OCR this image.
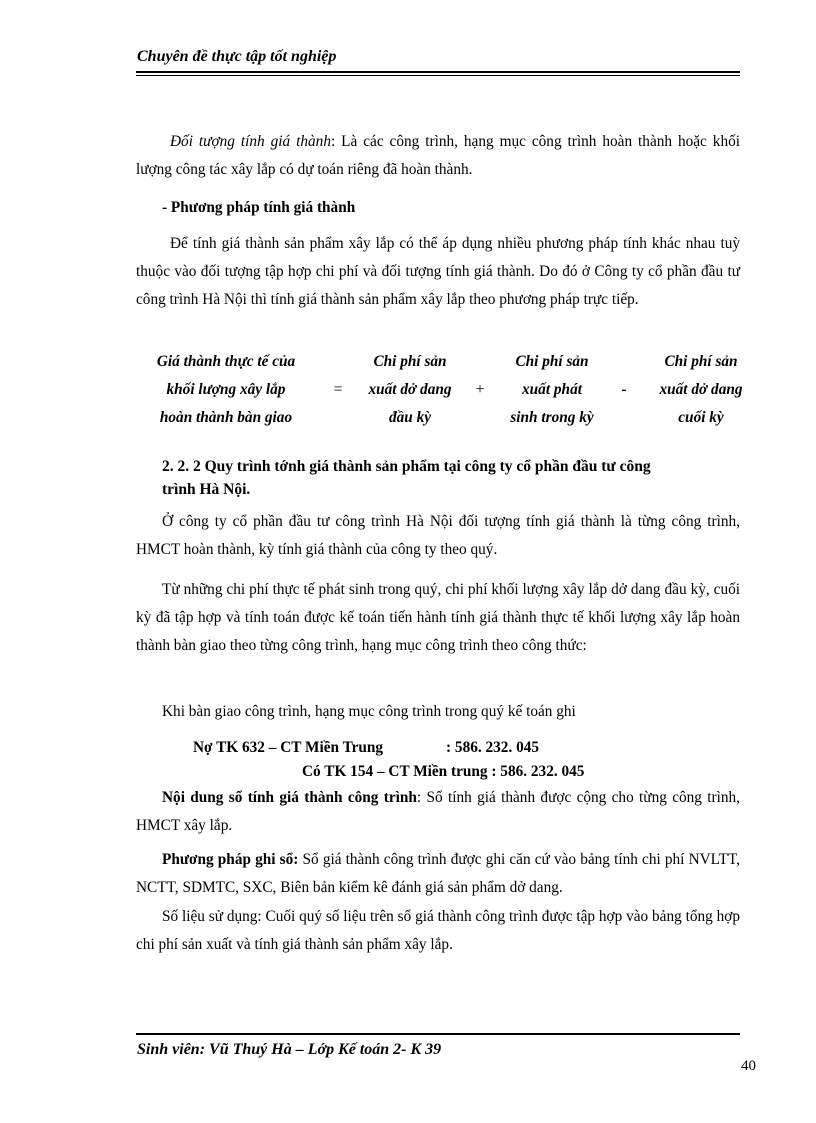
Chuyên đề thực tập tốt nghiệp
Đối tượng tính giá thành: Là các công trình, hạng mục công trình hoàn thành hoặc khối lượng công tác xây lắp có dự toán riêng đã hoàn thành.
- Phương pháp tính giá thành
Để tính giá thành sản phẩm xây lắp có thể áp dụng nhiều phương pháp tính khác nhau tuỳ thuộc vào đối tượng tập hợp chi phí và đối tượng tính giá thành. Do đó ở Công ty cổ phần đầu tư công trình Hà Nội thì tính giá thành sản phẩm xây lắp theo phương pháp trực tiếp.
Giá thành thực tế của
khối lượng xây lắp
hoàn thành bàn giao
=
Chi phí sản
xuất dở dang
đầu kỳ
+
Chi phí sản
xuất phát
sinh trong kỳ
-
Chi phí sản
xuất dở dang
cuối kỳ
2. 2. 2 Quy trình tớnh giá thành sản phẩm tại công ty cổ phần đầu tư công
trình Hà Nội.
Ở công ty cổ phần đầu tư công trình Hà Nội đối tượng tính giá thành là từng công trình, HMCT hoàn thành, kỳ tính giá thành của công ty theo quý.
Từ những chi phí thực tế phát sinh trong quý, chi phí khối lượng xây lắp dở dang đầu kỳ, cuối kỳ đã tập hợp và tính toán được kế toán tiến hành tính giá thành thực tế khối lượng xây lắp hoàn thành bàn giao theo từng công trình, hạng mục công trình theo công thức:
Khi bàn giao công trình, hạng mục công trình trong quý kế toán ghi
Nợ TK 632 – CT Miền Trung	: 586. 232. 045
Có TK 154 – CT Miền trung : 586. 232. 045
Nội dung sổ tính giá thành công trình: Sổ tính giá thành được cộng cho từng công trình, HMCT xây lắp.
Phương pháp ghi sổ: Sổ giá thành công trình được ghi căn cứ vào bảng tính chi phí NVLTT, NCTT, SDMTC, SXC, Biên bản kiểm kê đánh giá sản phẩm dở dang.
Số liệu sử dụng: Cuối quý số liệu trên sổ giá thành công trình được tập hợp vào bảng tổng hợp chi phí sản xuất và tính giá thành sản phẩm xây lắp.
Sinh viên: Vũ Thuý Hà – Lớp Kế toán 2- K 39
40
